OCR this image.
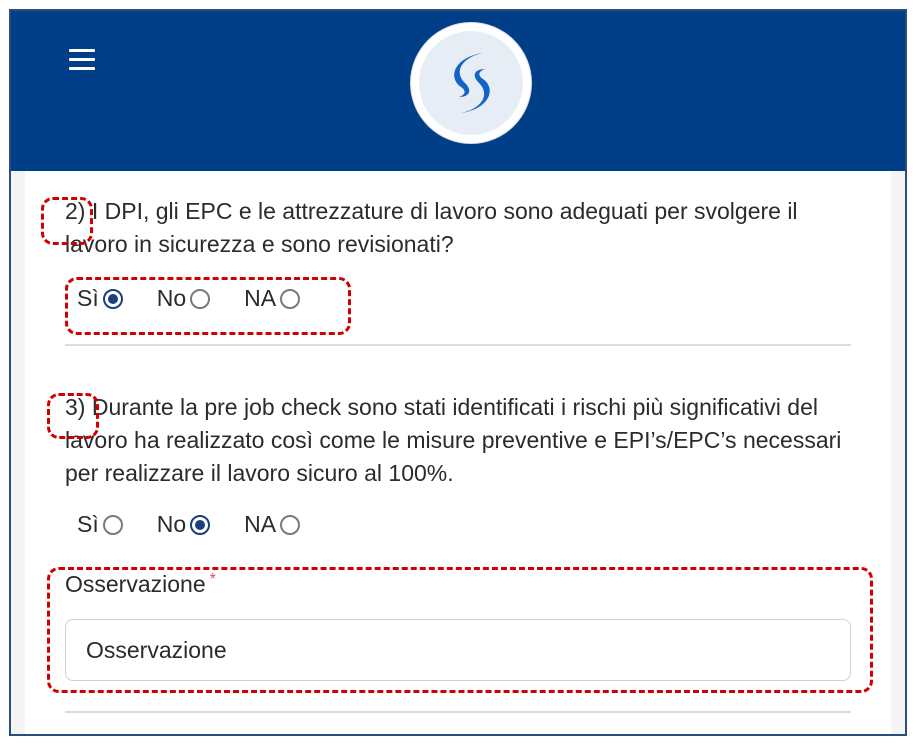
2) I DPI, gli EPC e le attrezzature di lavoro sono adeguati per svolgere il lavoro in sicurezza e sono revisionati?
Sì	No	NA
3) Durante la pre job check sono stati identificati i rischi più significativi del lavoro ha realizzato così come le misure preventive e EPI’s/EPC’s necessari per realizzare il lavoro sicuro al 100%.
Sì	No	NA
Osservazione *
Osservazione
